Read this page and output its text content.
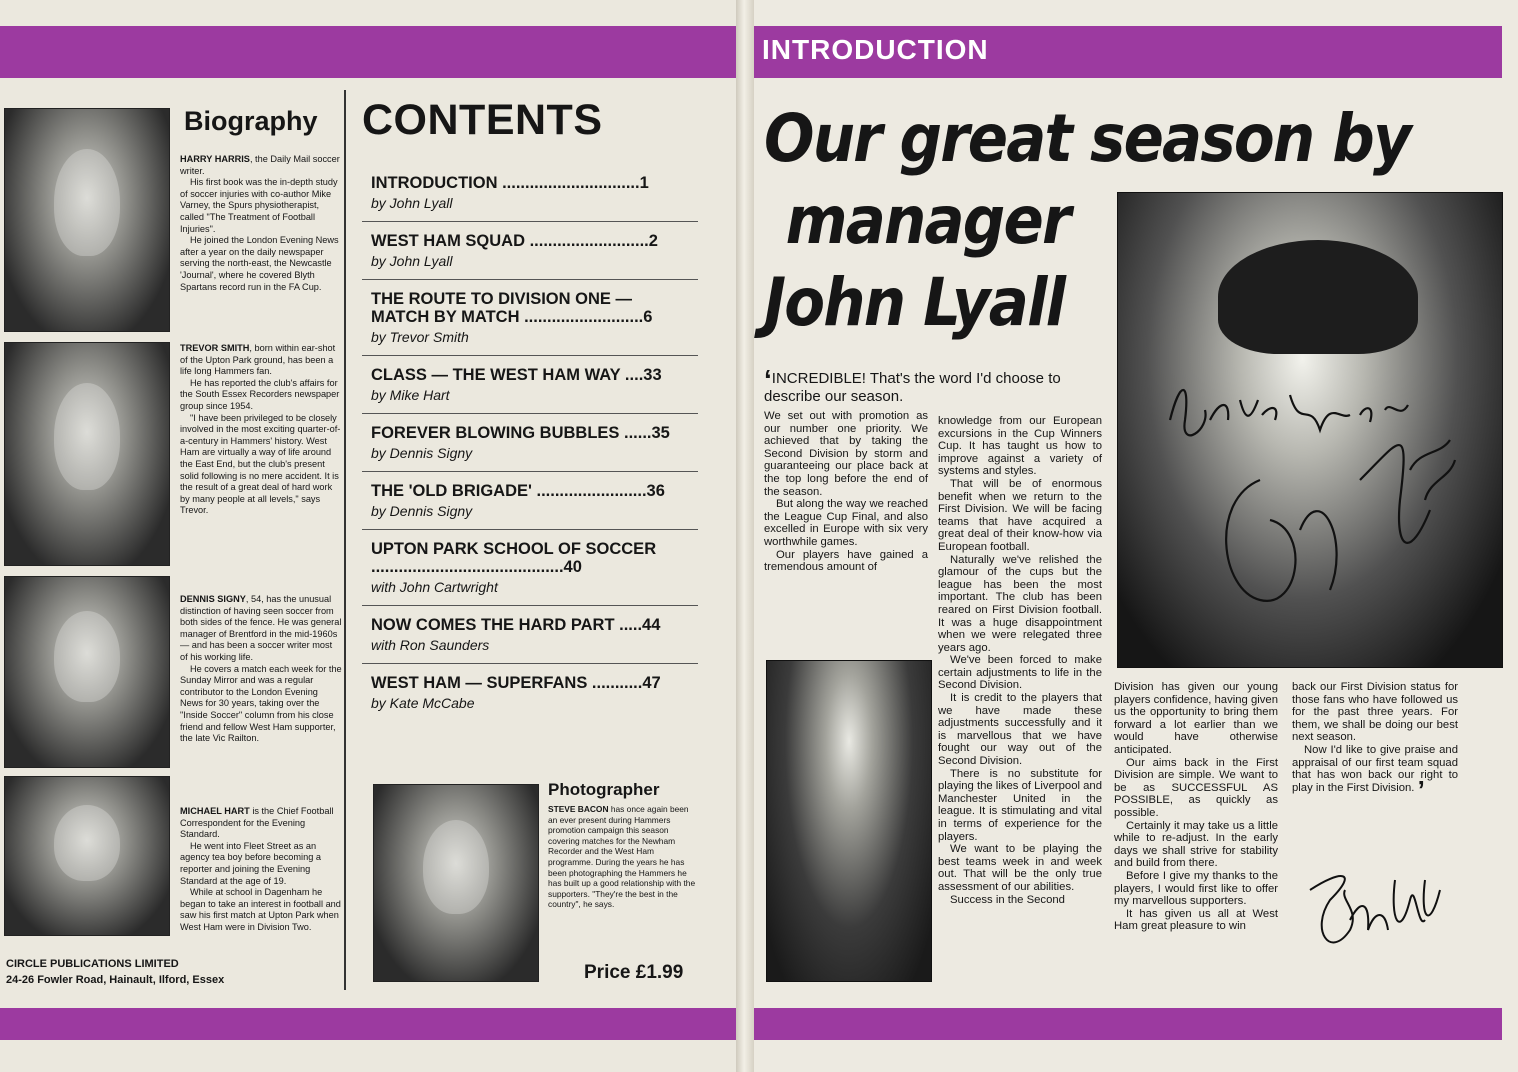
Biography

HARRY HARRIS, the Daily Mail soccer writer.

His first book was the in-depth study of soccer injuries with co-author Mike Varney, the Spurs physiotherapist, called "The Treatment of Football Injuries".

He joined the London Evening News after a year on the daily newspaper serving the north-east, the Newcastle 'Journal', where he covered Blyth Spartans record run in the FA Cup.

TREVOR SMITH, born within ear-shot of the Upton Park ground, has been a life long Hammers fan.

He has reported the club's affairs for the South Essex Recorders newspaper group since 1954.

"I have been privileged to be closely involved in the most exciting quarter-of-a-century in Hammers' history. West Ham are virtually a way of life around the East End, but the club's present solid following is no mere accident. It is the result of a great deal of hard work by many people at all levels," says Trevor.

DENNIS SIGNY, 54, has the unusual distinction of having seen soccer from both sides of the fence. He was general manager of Brentford in the mid-1960s — and has been a soccer writer most of his working life.

He covers a match each week for the Sunday Mirror and was a regular contributor to the London Evening News for 30 years, taking over the "Inside Soccer" column from his close friend and fellow West Ham supporter, the late Vic Railton.

MICHAEL HART is the Chief Football Correspondent for the Evening Standard.

He went into Fleet Street as an agency tea boy before becoming a reporter and joining the Evening Standard at the age of 19.

While at school in Dagenham he began to take an interest in football and saw his first match at Upton Park when West Ham were in Division Two.

CIRCLE PUBLICATIONS LIMITED
24-26 Fowler Road, Hainault, Ilford, Essex
CONTENTS
INTRODUCTION ..............................1
by John Lyall
WEST HAM SQUAD ..........................2
by John Lyall
THE ROUTE TO DIVISION ONE — MATCH BY MATCH ..........................6
by Trevor Smith
CLASS — THE WEST HAM WAY ....33
by Mike Hart
FOREVER BLOWING BUBBLES ......35
by Dennis Signy
THE 'OLD BRIGADE' ........................36
by Dennis Signy
UPTON PARK SCHOOL OF SOCCER ..........................................40
with John Cartwright
NOW COMES THE HARD PART .....44
with Ron Saunders
WEST HAM — SUPERFANS ...........47
by Kate McCabe
Photographer
STEVE BACON has once again been an ever present during Hammers promotion campaign this season covering matches for the Newham Recorder and the West Ham programme. During the years he has been photographing the Hammers he has built up a good relationship with the supporters. "They're the best in the country", he says.
Price £1.99
INTRODUCTION
Our great season by
manager
John Lyall
‘INCREDIBLE! That's the word I'd choose to describe our season.

We set out with promotion as our number one priority. We achieved that by taking the Second Division by storm and guaranteeing our place back at the top long before the end of the season.

But along the way we reached the League Cup Final, and also excelled in Europe with six very worthwhile games.

Our players have gained a tremendous amount of

knowledge from our European excursions in the Cup Winners Cup. It has taught us how to improve against a variety of systems and styles.

That will be of enormous benefit when we return to the First Division. We will be facing teams that have acquired a great deal of their know-how via European football.

Naturally we've relished the glamour of the cups but the league has been the most important. The club has been reared on First Division football. It was a huge disappointment when we were relegated three years ago.

We've been forced to make certain adjustments to life in the Second Division.

It is credit to the players that we have made these adjustments successfully and it is marvellous that we have fought our way out of the Second Division.

There is no substitute for playing the likes of Liverpool and Manchester United in the league. It is stimulating and vital in terms of experience for the players.

We want to be playing the best teams week in and week out. That will be the only true assessment of our abilities.

Success in the Second

Division has given our young players confidence, having given us the opportunity to bring them forward a lot earlier than we would have otherwise anticipated.

Our aims back in the First Division are simple. We want to be as SUCCESSFUL AS POSSIBLE, as quickly as possible.

Certainly it may take us a little while to re-adjust. In the early days we shall strive for stability and build from there.

Before I give my thanks to the players, I would first like to offer my marvellous supporters.

It has given us all at West Ham great pleasure to win

back our First Division status for those fans who have followed us for the past three years. For them, we shall be doing our best next season.

Now I'd like to give praise and appraisal of our first team squad that has won back our right to play in the First Division. ’
